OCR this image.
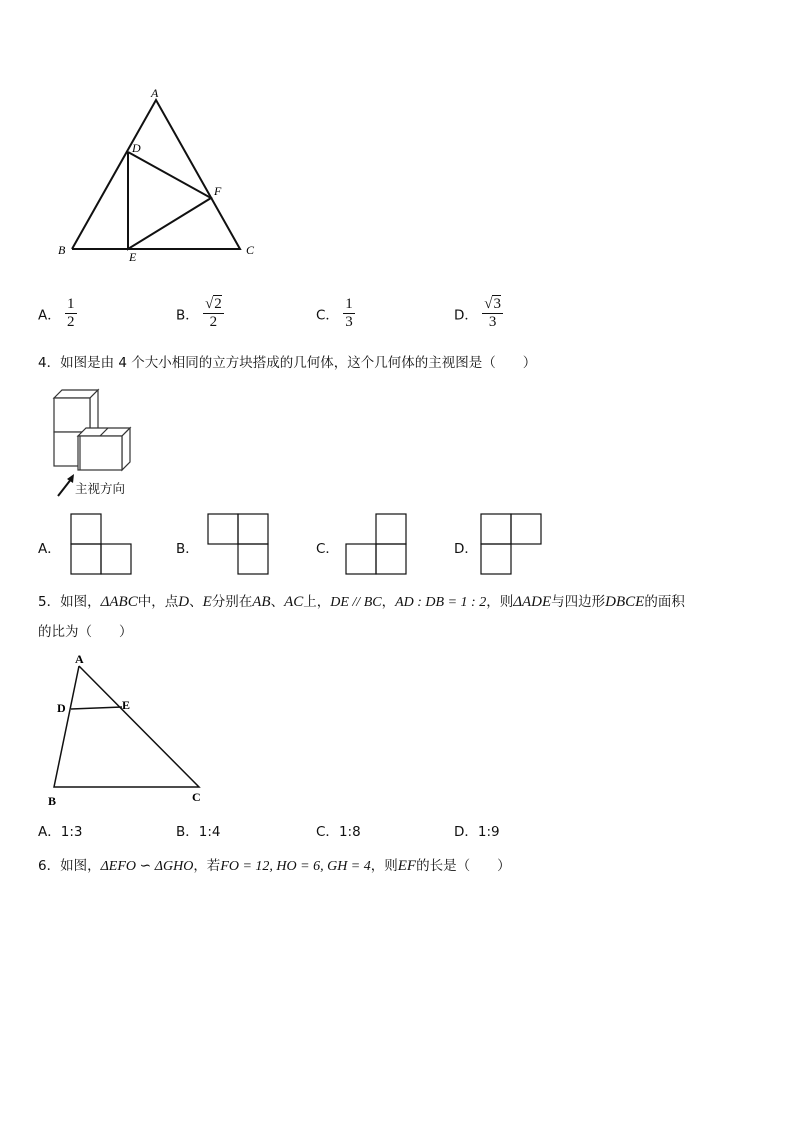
A
B	C
D
E
F
A． $\frac{1}{2}$	B． $\frac{√2}{2}$	C． $\frac{1}{3}$	D． $\frac{√3}{3}$
4．如图是由 4 个大小相同的立方块搭成的几何体，这个几何体的主视图是（　　）
主视方向
A．	B．	C．	D．
5．如图，ΔABC中，点D、E分别在AB、AC上，DE // BC，AD : DB = 1 : 2，则ΔADE与四边形DBCE的面积
的比为（　　）
A
D	E
B	C
A．1:3	B．1:4	C．1:8	D．1:9
6．如图，ΔEFO ∽ ΔGHO，若FO = 12, HO = 6, GH = 4，则EF的长是（　　）
